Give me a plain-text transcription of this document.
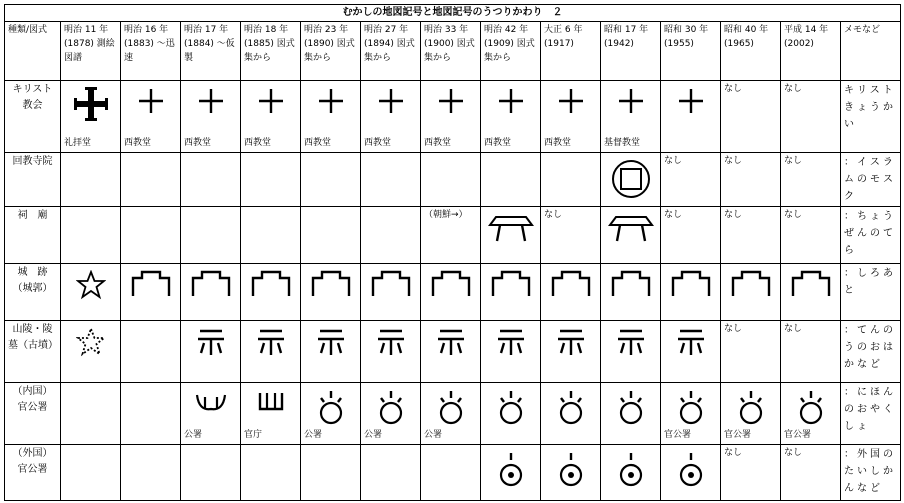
むかしの地図記号と地図記号のうつりかわり　２														
種類/図式	明治 11 年(1878) 測絵図譜	明治 16 年(1883) ～迅速	明治 17 年(1884) ～仮製	明治 18 年(1885) 図式集から	明治 23 年(1890) 図式集から	明治 27 年(1894) 図式集から	明治 33 年(1900) 図式集から	明治 42 年(1909) 図式集から	大正 6 年(1917)	昭和 17 年(1942)	昭和 30 年(1955)	昭和 40 年(1965)	平成 14 年(2002)	メモなど
キリスト教会	礼拝堂	西教堂	西教堂	西教堂	西教堂	西教堂	西教堂	西教堂	西教堂	基督教堂		なし	なし	キリストきょうかい
回教寺院											なし	なし	なし	：イスラムのモスク
祠　廟							（朝鮮→）		なし		なし	なし	なし	：ちょうぜんのてら
城　跡（城郭）														：しろあと
山陵・陵墓（古墳）												なし	なし	：てんのうのおはかなど
（内国）官公署			公署	官庁	公署	公署	公署				官公署	官公署	官公署	：にほんのおやくしょ
（外国）官公署												なし	なし	：外国のたいしかんなど
